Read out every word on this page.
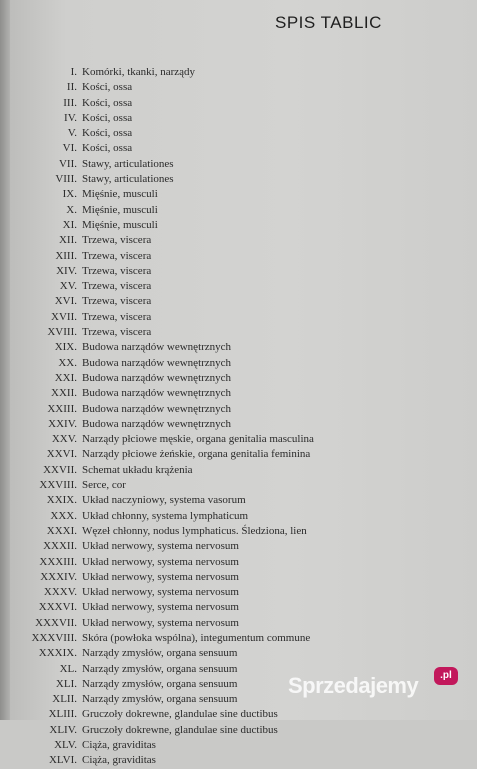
SPIS TABLIC
I. Komórki, tkanki, narządy
II. Kości, ossa
III. Kości, ossa
IV. Kości, ossa
V. Kości, ossa
VI. Kości, ossa
VII. Stawy, articulationes
VIII. Stawy, articulationes
IX. Mięśnie, musculi
X. Mięśnie, musculi
XI. Mięśnie, musculi
XII. Trzewa, viscera
XIII. Trzewa, viscera
XIV. Trzewa, viscera
XV. Trzewa, viscera
XVI. Trzewa, viscera
XVII. Trzewa, viscera
XVIII. Trzewa, viscera
XIX. Budowa narządów wewnętrznych
XX. Budowa narządów wewnętrznych
XXI. Budowa narządów wewnętrznych
XXII. Budowa narządów wewnętrznych
XXIII. Budowa narządów wewnętrznych
XXIV. Budowa narządów wewnętrznych
XXV. Narządy płciowe męskie, organa genitalia masculina
XXVI. Narządy płciowe żeńskie, organa genitalia feminina
XXVII. Schemat układu krążenia
XXVIII. Serce, cor
XXIX. Układ naczyniowy, systema vasorum
XXX. Układ chłonny, systema lymphaticum
XXXI. Węzeł chłonny, nodus lymphaticus. Śledziona, lien
XXXII. Układ nerwowy, systema nervosum
XXXIII. Układ nerwowy, systema nervosum
XXXIV. Układ nerwowy, systema nervosum
XXXV. Układ nerwowy, systema nervosum
XXXVI. Układ nerwowy, systema nervosum
XXXVII. Układ nerwowy, systema nervosum
XXXVIII. Skóra (powłoka wspólna), integumentum commune
XXXIX. Narządy zmysłów, organa sensuum
XL. Narządy zmysłów, organa sensuum
XLI. Narządy zmysłów, organa sensuum
XLII. Narządy zmysłów, organa sensuum
XLIII. Gruczoły dokrewne, glandulae sine ductibus
XLIV. Gruczoły dokrewne, glandulae sine ductibus
XLV. Ciąża, graviditas
XLVI. Ciąża, graviditas
Sprzedajemy	.pl
